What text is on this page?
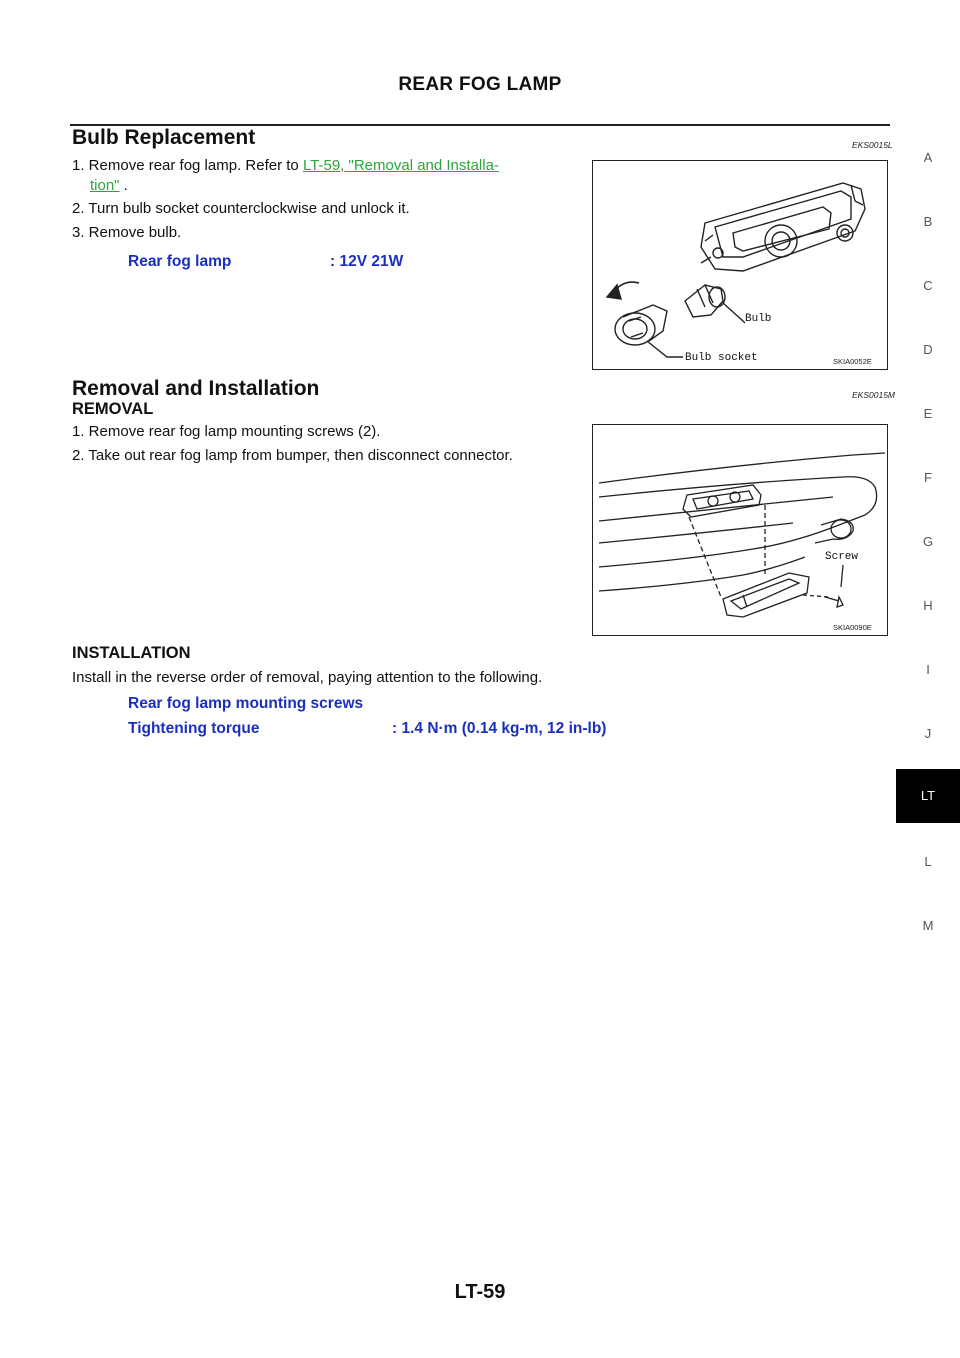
REAR FOG LAMP
Bulb Replacement	EKS0015L
1. Remove rear fog lamp. Refer to LT-59, "Removal and Installa-
tion" .
2. Turn bulb socket counterclockwise and unlock it.
3. Remove bulb.
Rear fog lamp	: 12V 21W
Bulb
Bulb socket	SKIA0052E
Removal and Installation	EKS0015M
REMOVAL
1. Remove rear fog lamp mounting screws (2).
2. Take out rear fog lamp from bumper, then disconnect connector.
Screw
SKIA0090E
INSTALLATION
Install in the reverse order of removal, paying attention to the following.
Rear fog lamp mounting screws
Tightening torque	: 1.4 N·m (0.14 kg-m, 12 in-lb)
A
B
C
D
E
F
G
H
I
J
LT
L
M
LT-59
